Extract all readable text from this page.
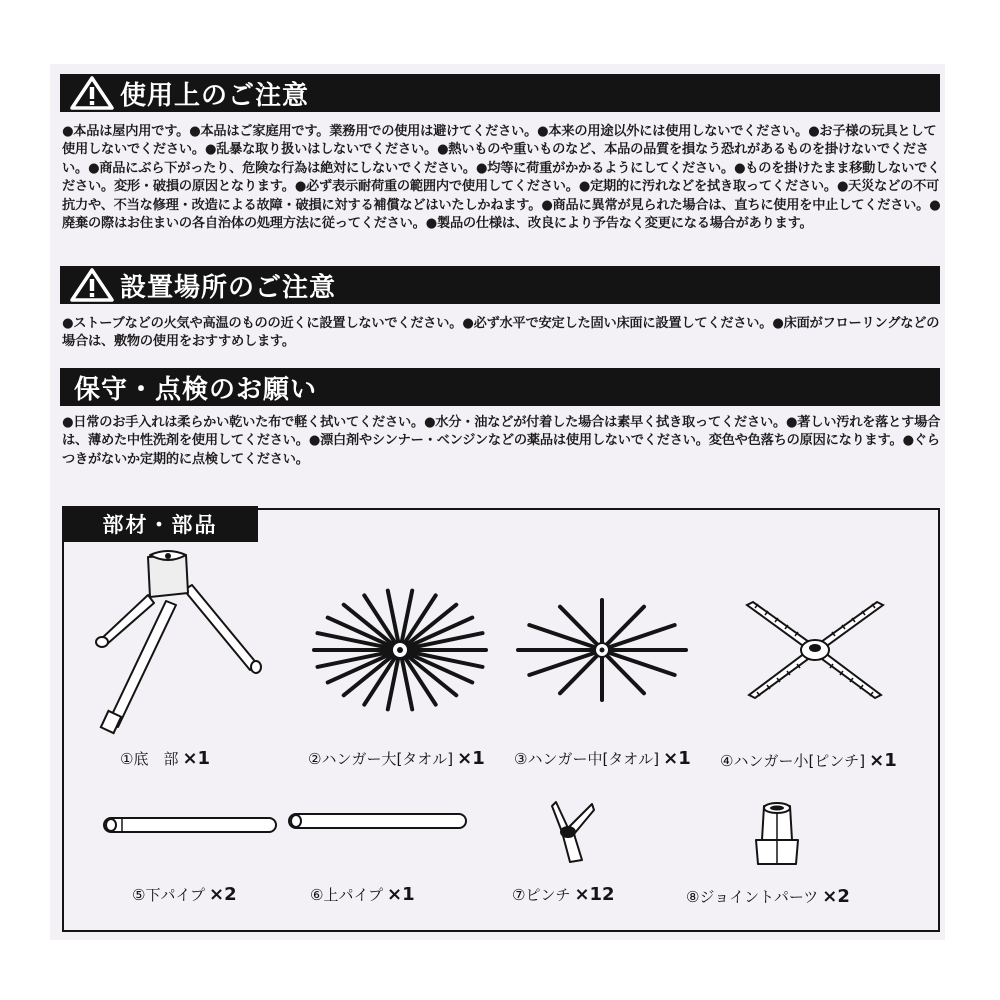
使用上のご注意
●本品は屋内用です。●本品はご家庭用です。業務用での使用は避けてください。●本来の用途以外には使用しないでください。●お子様の玩具として使用しないでください。●乱暴な取り扱いはしないでください。●熱いものや重いものなど、本品の品質を損なう恐れがあるものを掛けないでください。●商品にぶら下がったり、危険な行為は絶対にしないでください。●均等に荷重がかかるようにしてください。●ものを掛けたまま移動しないでください。変形・破損の原因となります。●必ず表示耐荷重の範囲内で使用してください。●定期的に汚れなどを拭き取ってください。●天災などの不可抗力や、不当な修理・改造による故障・破損に対する補償などはいたしかねます。●商品に異常が見られた場合は、直ちに使用を中止してください。●廃棄の際はお住まいの各自治体の処理方法に従ってください。●製品の仕様は、改良により予告なく変更になる場合があります。
設置場所のご注意
●ストーブなどの火気や高温のものの近くに設置しないでください。●必ず水平で安定した固い床面に設置してください。●床面がフローリングなどの場合は、敷物の使用をおすすめします。
保守・点検のお願い
●日常のお手入れは柔らかい乾いた布で軽く拭いてください。●水分・油などが付着した場合は素早く拭き取ってください。●著しい汚れを落とす場合は、薄めた中性洗剤を使用してください。●漂白剤やシンナー・ベンジンなどの薬品は使用しないでください。変色や色落ちの原因になります。●ぐらつきがないか定期的に点検してください。
部材・部品
①底　部 ×1	②ハンガー大[タオル] ×1 ③ハンガー中[タオル] ×1 ④ハンガー小[ピンチ] ×1
⑤下パイプ ×2	⑥上パイプ ×1	⑦ピンチ ×12	⑧ジョイントパーツ ×2
